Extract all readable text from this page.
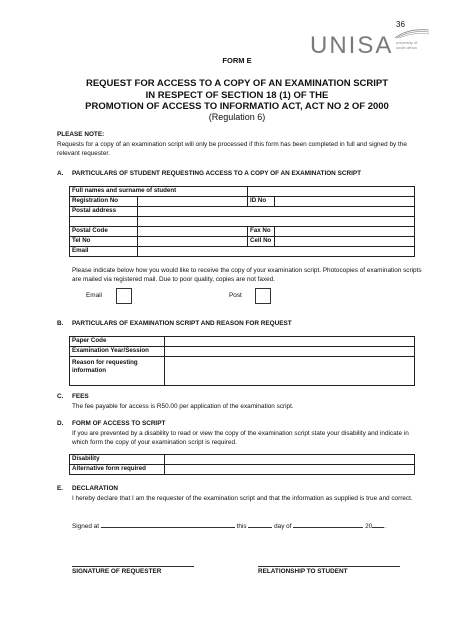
36
UNISA university of south africa
FORM E
REQUEST FOR ACCESS TO A COPY OF AN EXAMINATION SCRIPT
IN RESPECT OF SECTION 18 (1) OF THE
PROMOTION OF ACCESS TO INFORMATIO ACT, ACT NO 2 OF 2000
(Regulation 6)
PLEASE NOTE:
Requests for a copy of an examination script will only be processed if this form has been completed in full and signed by the relevant requester.
A. PARTICULARS OF STUDENT REQUESTING ACCESS TO A COPY OF AN EXAMINATION SCRIPT
Full names and surname of student			
Registration No		ID No	
Postal address			

Postal Code		Fax No	
Tel No		Cell No	
Email			
Please indicate below how you would like to receive the copy of your examination script. Photocopies of examination scripts are mailed via registered mail. Due to poor quality, copies are not faxed.
Email	Post
B. PARTICULARS OF EXAMINATION SCRIPT AND REASON FOR REQUEST
Paper Code	
Examination Year/Session	
Reason for requesting information	
C. FEES
The fee payable for access is R50.00 per application of the examination script.
D. FORM OF ACCESS TO SCRIPT
If you are prevented by a disability to read or view the copy of the examination script state your disability and indicate in which form the copy of your examination script is required.
Disability	
Alternative form required	
E. DECLARATION
I hereby declare that I am the requester of the examination script and that the information as supplied is true and correct.
Signed at	this	day of	20 .
SIGNATURE OF REQUESTER	RELATIONSHIP TO STUDENT
